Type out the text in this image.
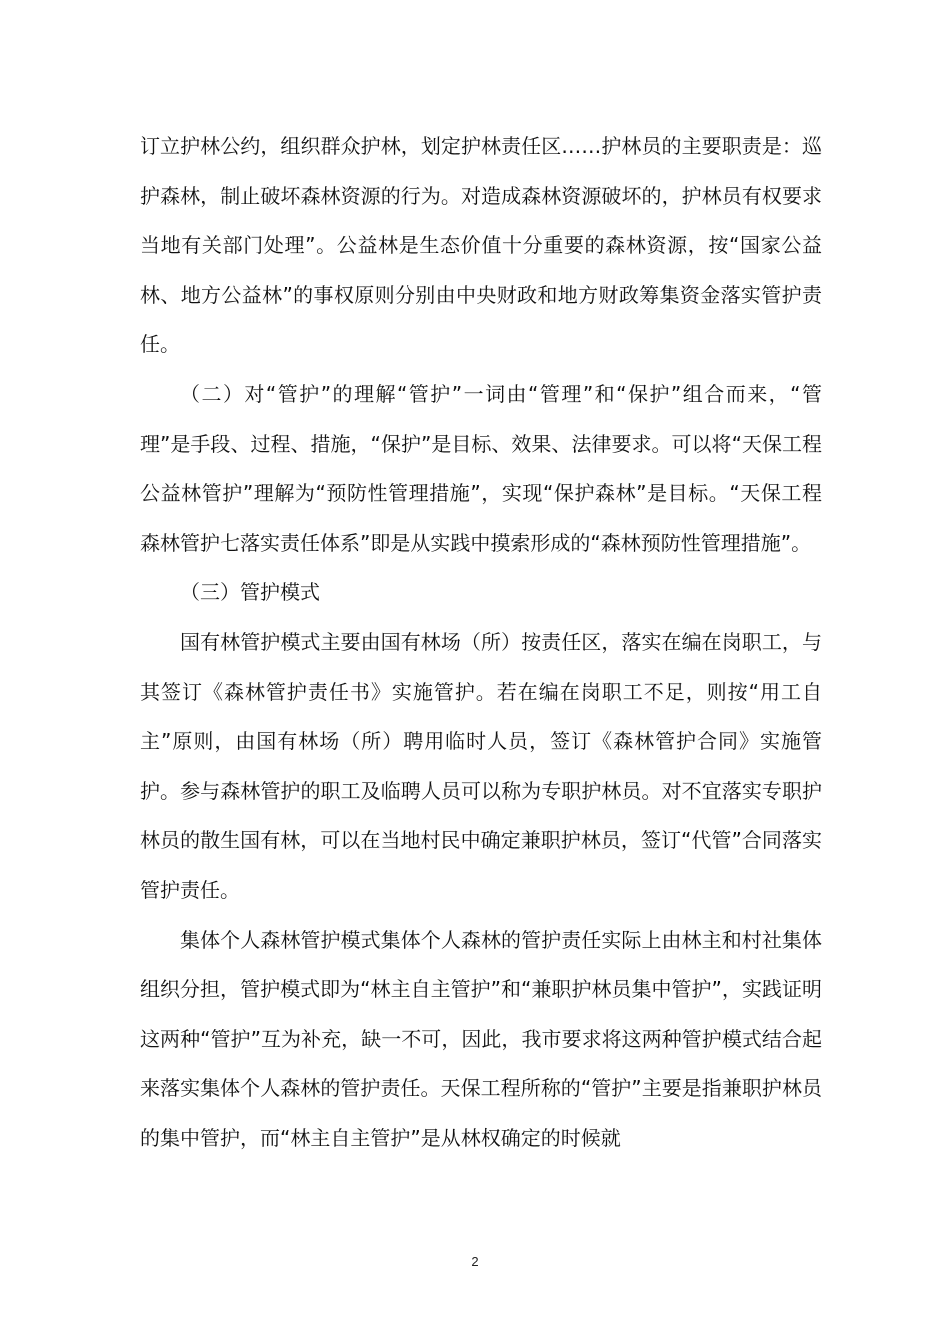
订立护林公约，组织群众护林，划定护林责任区……护林员的主要职责是：巡护森林，制止破坏森林资源的行为。对造成森林资源破坏的，护林员有权要求当地有关部门处理”。公益林是生态价值十分重要的森林资源，按“国家公益林、地方公益林”的事权原则分别由中央财政和地方财政筹集资金落实管护责任。

（二）对“管护”的理解“管护”一词由“管理”和“保护”组合而来，“管理”是手段、过程、措施，“保护”是目标、效果、法律要求。可以将“天保工程公益林管护”理解为“预防性管理措施”，实现“保护森林”是目标。“天保工程森林管护七落实责任体系”即是从实践中摸索形成的“森林预防性管理措施”。

（三）管护模式

国有林管护模式主要由国有林场（所）按责任区，落实在编在岗职工，与其签订《森林管护责任书》实施管护。若在编在岗职工不足，则按“用工自主”原则，由国有林场（所）聘用临时人员，签订《森林管护合同》实施管护。参与森林管护的职工及临聘人员可以称为专职护林员。对不宜落实专职护林员的散生国有林，可以在当地村民中确定兼职护林员，签订“代管”合同落实管护责任。

集体个人森林管护模式集体个人森林的管护责任实际上由林主和村社集体组织分担，管护模式即为“林主自主管护”和“兼职护林员集中管护”，实践证明这两种“管护”互为补充，缺一不可，因此，我市要求将这两种管护模式结合起来落实集体个人森林的管护责任。天保工程所称的“管护”主要是指兼职护林员的集中管护，而“林主自主管护”是从林权确定的时候就

2
